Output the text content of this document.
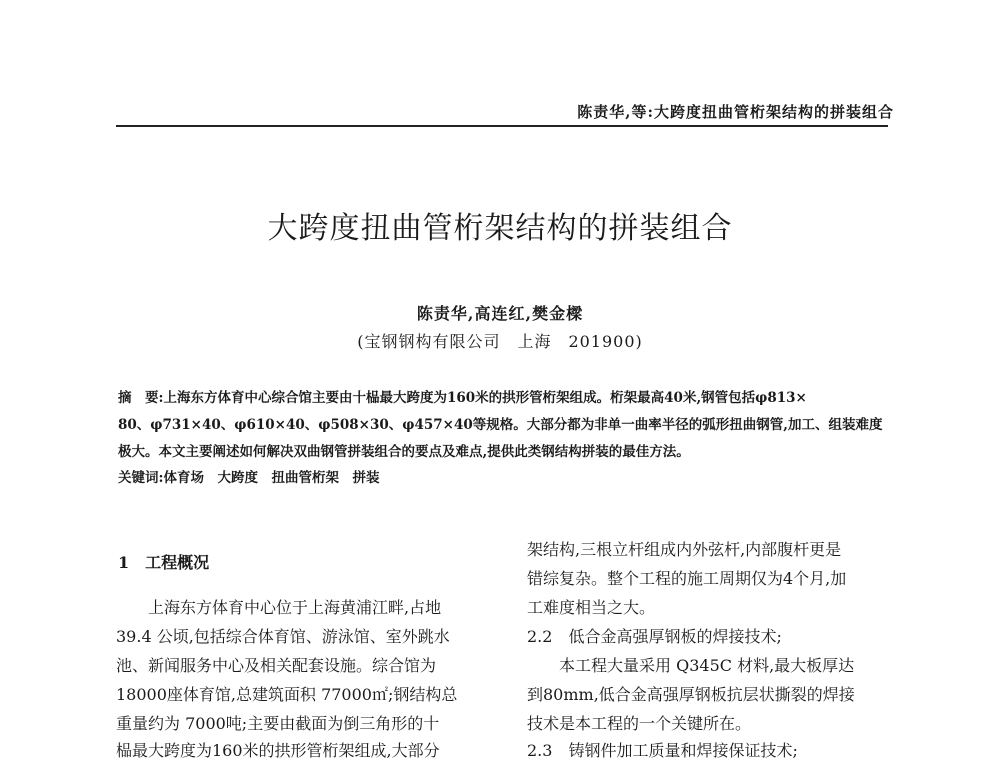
陈责华,等:大跨度扭曲管桁架结构的拼装组合
大跨度扭曲管桁架结构的拼装组合
陈责华,高连红,樊金樑
(宝钢钢构有限公司　上海　201900)
摘　要:上海东方体育中心综合馆主要由十榀最大跨度为160米的拱形管桁架组成。桁架最高40米,钢管包括φ813×
80、φ731×40、φ610×40、φ508×30、φ457×40等规格。大部分都为非单一曲率半径的弧形扭曲钢管,加工、组装难度
极大。本文主要阐述如何解决双曲钢管拼装组合的要点及难点,提供此类钢结构拼装的最佳方法。
关键词:体育场　大跨度　扭曲管桁架　拼装
1　工程概况
　　上海东方体育中心位于上海黄浦江畔,占地
39.4 公顷,包括综合体育馆、游泳馆、室外跳水
池、新闻服务中心及相关配套设施。综合馆为
18000座体育馆,总建筑面积 77000㎡;钢结构总
重量约为 7000吨;主要由截面为倒三角形的十
榀最大跨度为160米的拱形管桁架组成,大部分
架结构,三根立杆组成内外弦杆,内部腹杆更是
错综复杂。整个工程的施工周期仅为4个月,加
工难度相当之大。
2.2　低合金高强厚钢板的焊接技术;
　　本工程大量采用 Q345C 材料,最大板厚达
到80mm,低合金高强厚钢板抗层状撕裂的焊接
技术是本工程的一个关键所在。
2.3　铸钢件加工质量和焊接保证技术;
